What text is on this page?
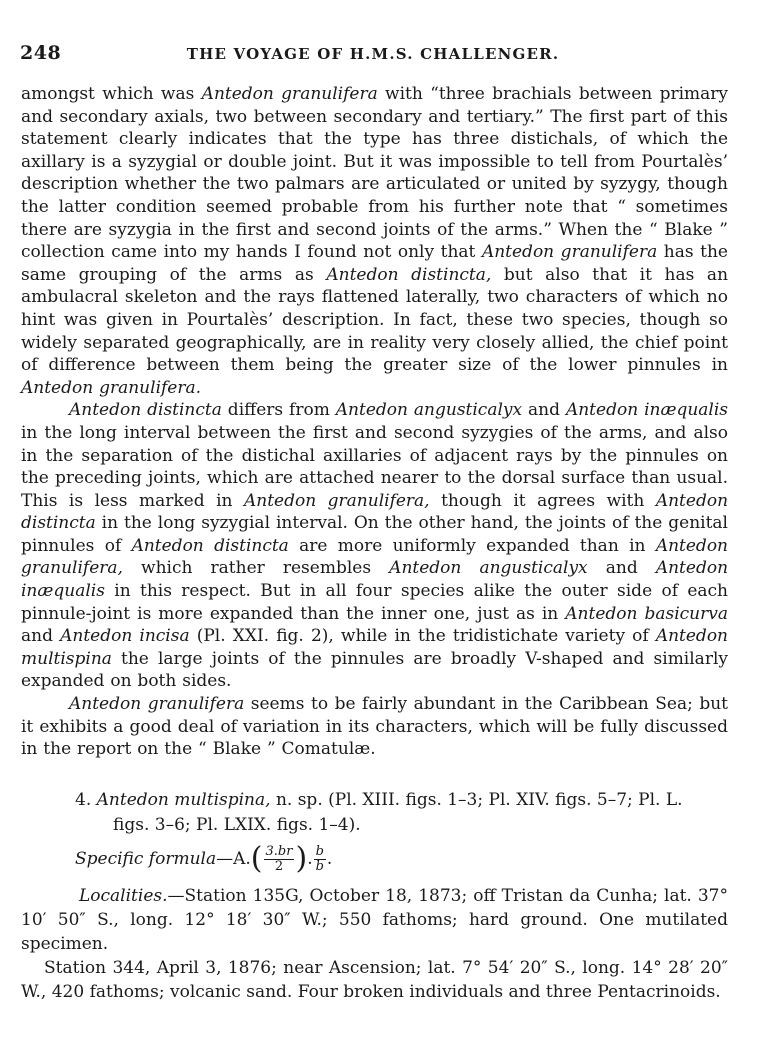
248	THE VOYAGE OF H.M.S. CHALLENGER.

amongst which was Antedon granulifera with “three brachials between primary and secondary axials, two between secondary and tertiary.” The first part of this statement clearly indicates that the type has three distichals, of which the axillary is a syzygial or double joint. But it was impossible to tell from Pourtalès’ description whether the two palmars are articulated or united by syzygy, though the latter condition seemed probable from his further note that “ sometimes there are syzygia in the first and second joints of the arms.” When the “ Blake ” collection came into my hands I found not only that Antedon granulifera has the same grouping of the arms as Antedon distincta, but also that it has an ambulacral skeleton and the rays flattened laterally, two characters of which no hint was given in Pourtalès’ description. In fact, these two species, though so widely separated geographically, are in reality very closely allied, the chief point of difference between them being the greater size of the lower pinnules in Antedon granulifera.

Antedon distincta differs from Antedon angusticalyx and Antedon inæqualis in the long interval between the first and second syzygies of the arms, and also in the separation of the distichal axillaries of adjacent rays by the pinnules on the preceding joints, which are attached nearer to the dorsal surface than usual. This is less marked in Antedon granulifera, though it agrees with Antedon distincta in the long syzygial interval. On the other hand, the joints of the genital pinnules of Antedon distincta are more uniformly expanded than in Antedon granulifera, which rather resembles Antedon angusticalyx and Antedon inæqualis in this respect. But in all four species alike the outer side of each pinnule-joint is more expanded than the inner one, just as in Antedon basicurva and Antedon incisa (Pl. XXI. fig. 2), while in the tridistichate variety of Antedon multispina the large joints of the pinnules are broadly V-shaped and similarly expanded on both sides.

Antedon granulifera seems to be fairly abundant in the Caribbean Sea; but it exhibits a good deal of variation in its characters, which will be fully discussed in the report on the “ Blake ” Comatulæ.

4. Antedon multispina, n. sp. (Pl. XIII. figs. 1–3; Pl. XIV. figs. 5–7; Pl. L.
figs. 3–6; Pl. LXIX. figs. 1–4).
Specific formula —A. ( $\frac{3.br}{2}$ ) . $\frac{b}{b}$ .

Localities.—Station 135G, October 18, 1873; off Tristan da Cunha; lat. 37° 10′ 50″ S., long. 12° 18′ 30″ W.; 550 fathoms; hard ground. One mutilated specimen.

Station 344, April 3, 1876; near Ascension; lat. 7° 54′ 20″ S., long. 14° 28′ 20″ W., 420 fathoms; volcanic sand. Four broken individuals and three Pentacrinoids.
